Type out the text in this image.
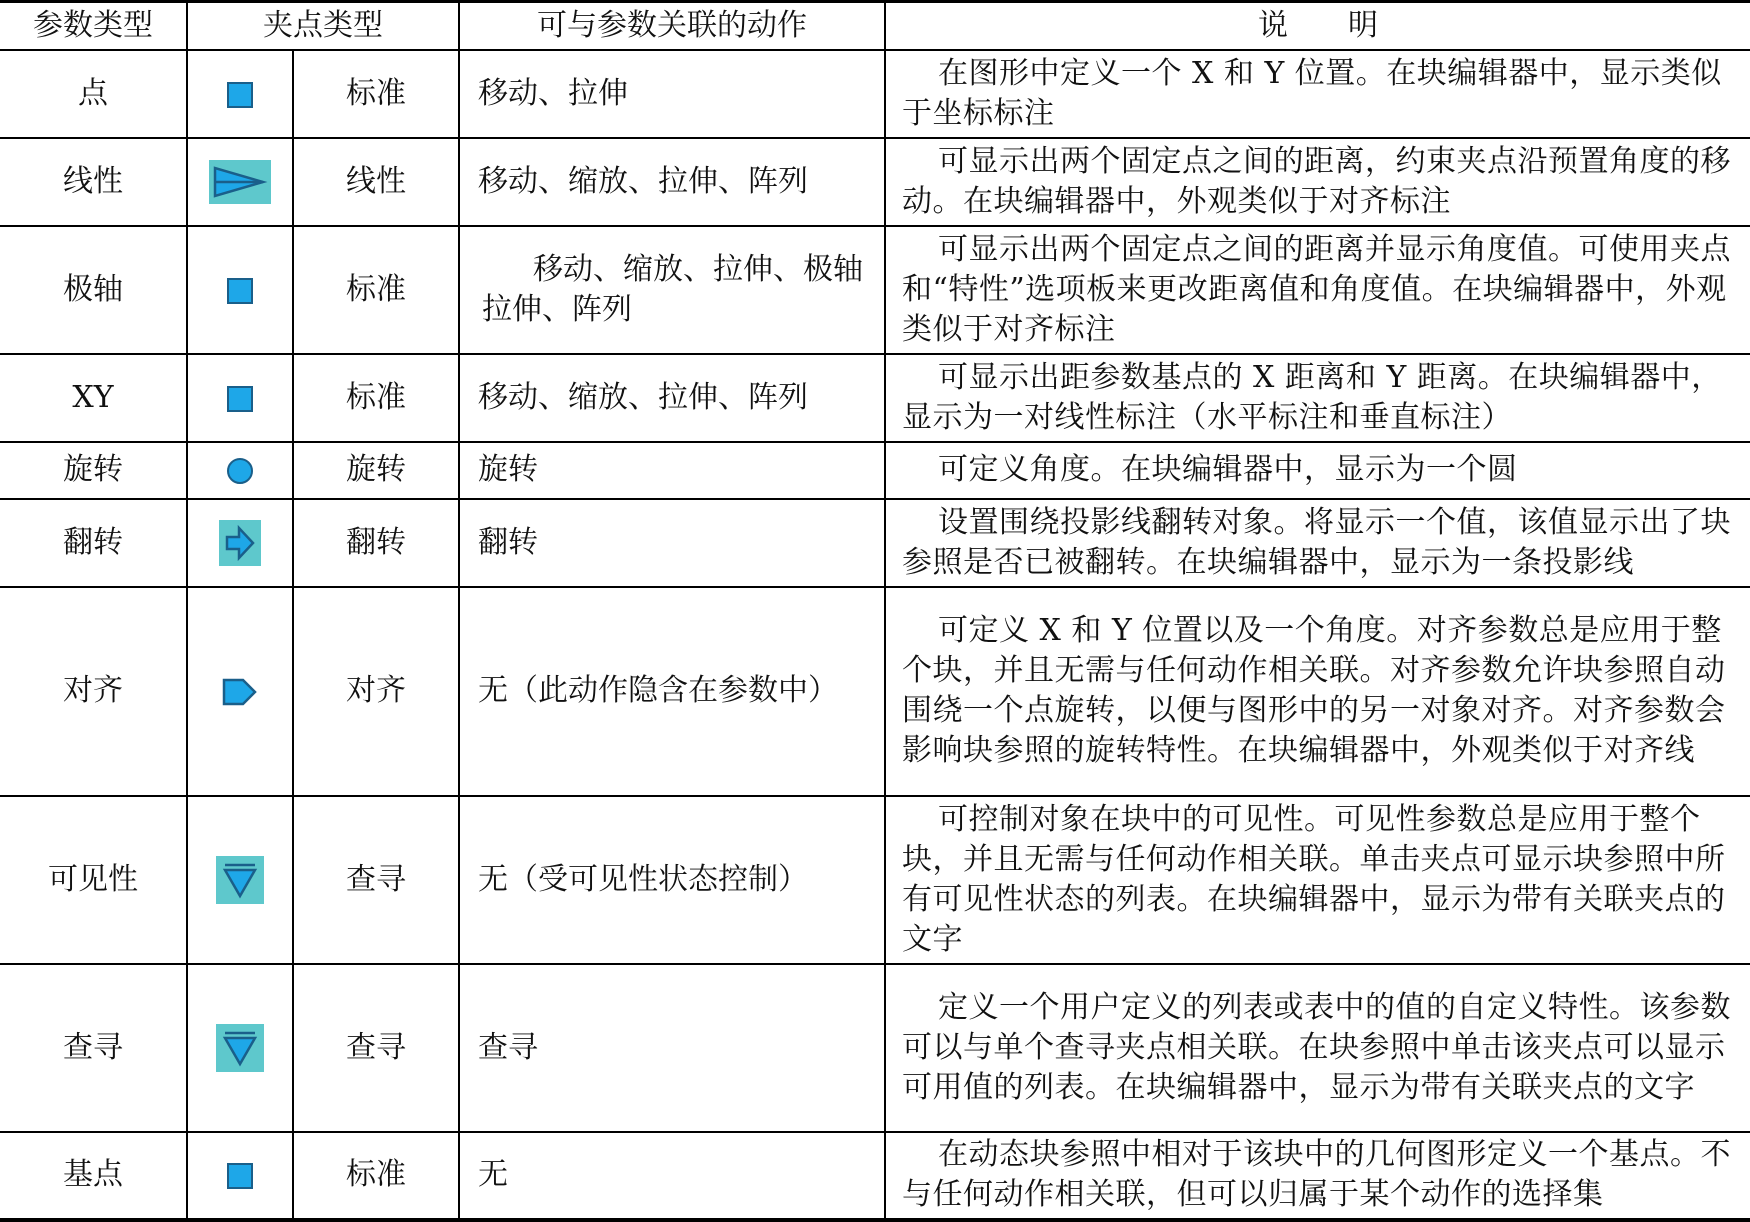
参数类型	夹点类型		可与参数关联的动作	说　　明
点		标准	移动、拉伸	在图形中定义一个 X 和 Y 位置。在块编辑器中，显示类似于坐标标注
线性		线性	移动、缩放、拉伸、阵列	可显示出两个固定点之间的距离，约束夹点沿预置角度的移动。在块编辑器中，外观类似于对齐标注
极轴		标准	移动、缩放、拉伸、极轴拉伸、阵列	可显示出两个固定点之间的距离并显示角度值。可使用夹点和“特性”选项板来更改距离值和角度值。在块编辑器中，外观类似于对齐标注
XY		标准	移动、缩放、拉伸、阵列	可显示出距参数基点的 X 距离和 Y 距离。在块编辑器中，显示为一对线性标注（水平标注和垂直标注）
旋转		旋转	旋转	可定义角度。在块编辑器中，显示为一个圆
翻转		翻转	翻转	设置围绕投影线翻转对象。将显示一个值，该值显示出了块参照是否已被翻转。在块编辑器中，显示为一条投影线
对齐		对齐	无（此动作隐含在参数中）	可定义 X 和 Y 位置以及一个角度。对齐参数总是应用于整个块，并且无需与任何动作相关联。对齐参数允许块参照自动围绕一个点旋转，以便与图形中的另一对象对齐。对齐参数会影响块参照的旋转特性。在块编辑器中，外观类似于对齐线
可见性		查寻	无（受可见性状态控制）	可控制对象在块中的可见性。可见性参数总是应用于整个块，并且无需与任何动作相关联。单击夹点可显示块参照中所有可见性状态的列表。在块编辑器中，显示为带有关联夹点的文字
查寻		查寻	查寻	定义一个用户定义的列表或表中的值的自定义特性。该参数可以与单个查寻夹点相关联。在块参照中单击该夹点可以显示可用值的列表。在块编辑器中，显示为带有关联夹点的文字
基点		标准	无	在动态块参照中相对于该块中的几何图形定义一个基点。不与任何动作相关联，但可以归属于某个动作的选择集
